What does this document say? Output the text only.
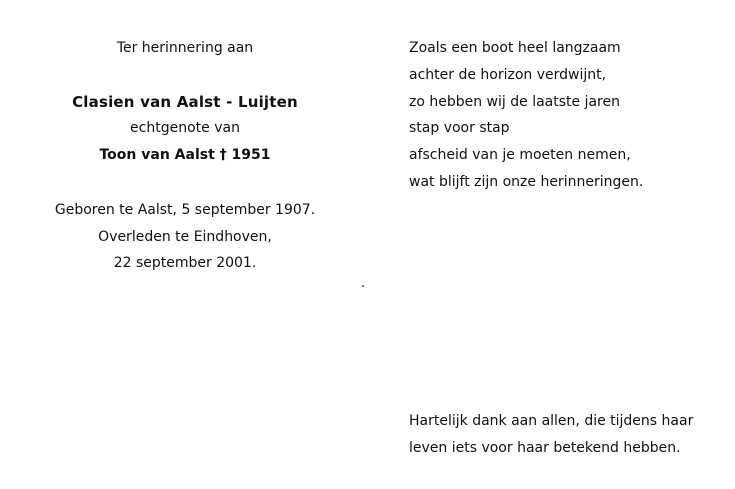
Ter herinnering aan
Clasien van Aalst - Luijten
echtgenote van
Toon van Aalst † 1951
Geboren te Aalst, 5 september 1907.
Overleden te Eindhoven,
22 september 2001.
Zoals een boot heel langzaam
achter de horizon verdwijnt,
zo hebben wij de laatste jaren
stap voor stap
afscheid van je moeten nemen,
wat blijft zijn onze herinneringen.
Hartelijk dank aan allen, die tijdens haar
leven iets voor haar betekend hebben.
